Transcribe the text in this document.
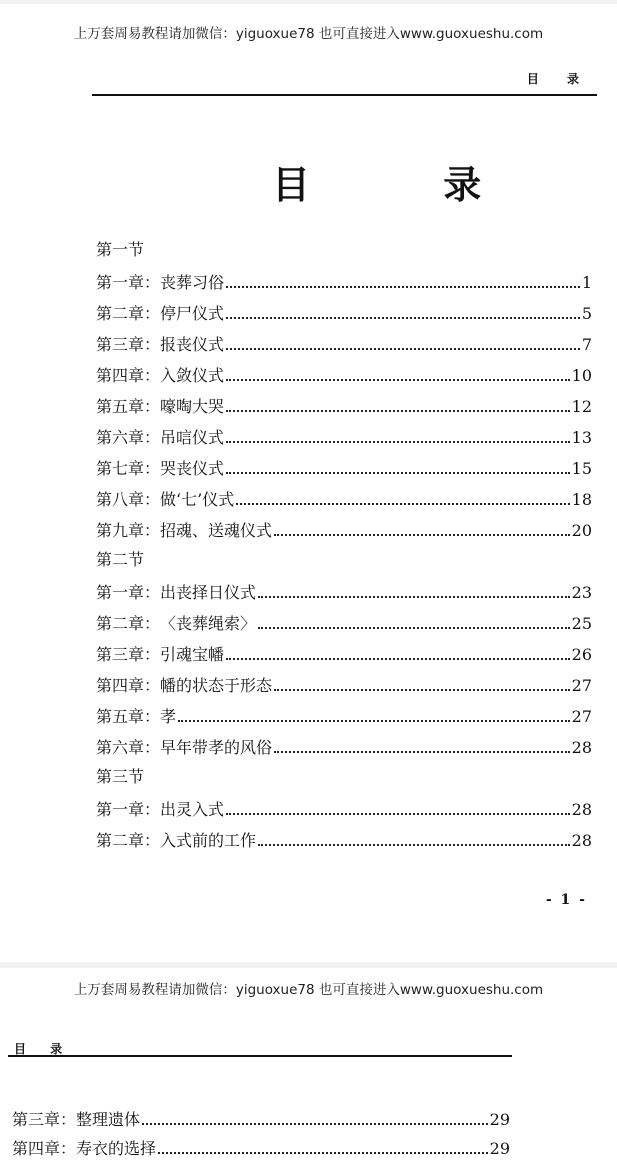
上万套周易教程请加微信：yiguoxue78 也可直接进入www.guoxueshu.com
目 录
目 录
第一节
第一章： 丧葬习俗	1
第二章： 停尸仪式	5
第三章： 报丧仪式	7
第四章： 入敛仪式	10
第五章： 嚎啕大哭	12
第六章： 吊唁仪式	13
第七章： 哭丧仪式	15
第八章： 做‘七’仪式	18
第九章： 招魂、送魂仪式	20
第二节
第一章： 出丧择日仪式	23
第二章： 〈丧葬绳索〉	25
第三章： 引魂宝幡	26
第四章： 幡的状态于形态	27
第五章： 孝	27
第六章： 早年带孝的风俗	28
第三节
第一章： 出灵入式	28
第二章： 入式前的工作	28
- 1 -
上万套周易教程请加微信：yiguoxue78 也可直接进入www.guoxueshu.com
目 录
第三章： 整理遗体	29
第四章： 寿衣的选择	29
